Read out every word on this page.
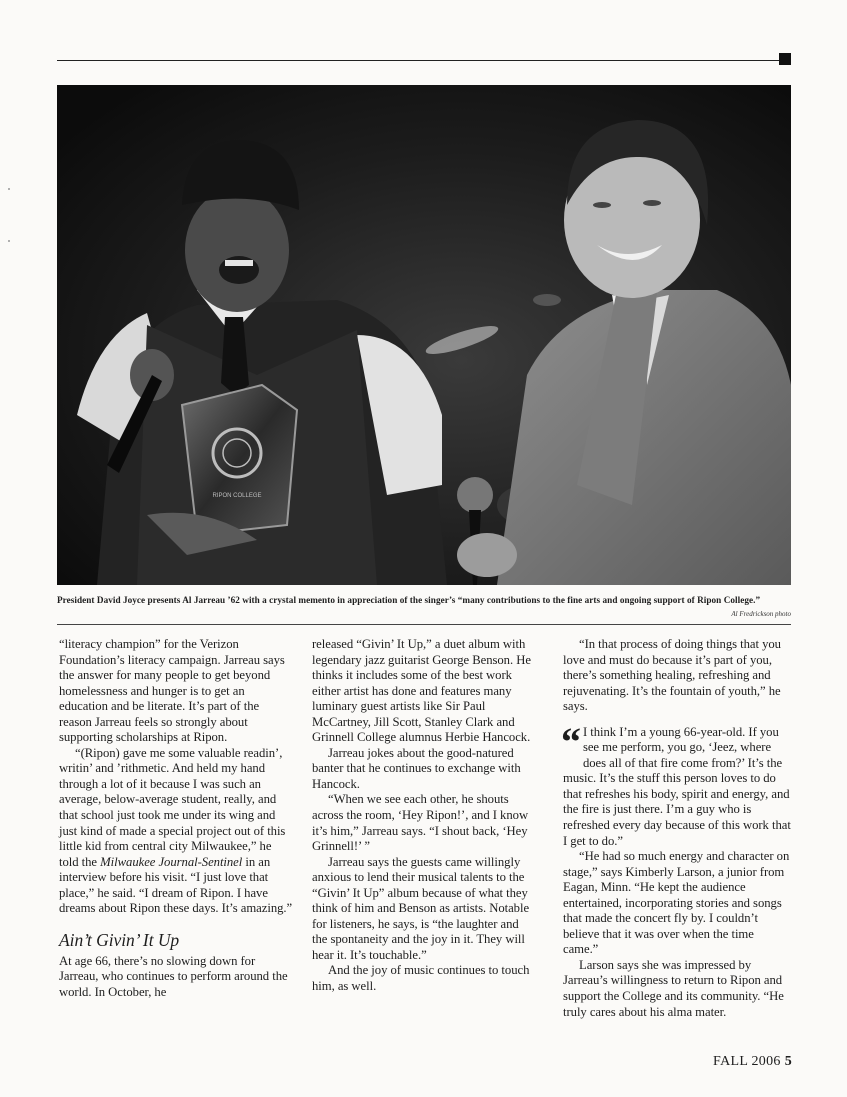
RIPON COLLEGE
President David Joyce presents Al Jarreau ’62 with a crystal memento in appreciation of the singer’s “many contributions to the fine arts and ongoing support of Ripon College.”
Al Fredrickson photo

“literacy champion” for the Verizon Foundation’s literacy campaign. Jarreau says the answer for many people to get beyond homelessness and hunger is to get an education and be literate. It’s part of the reason Jarreau feels so strongly about supporting scholarships at Ripon.

“(Ripon) gave me some valuable readin’, writin’ and ’rithmetic. And held my hand through a lot of it because I was such an average, below-average student, really, and that school just took me under its wing and just kind of made a special project out of this little kid from central city Milwaukee,” he told the Milwaukee Journal-Sentinel in an interview before his visit. “I just love that place,” he said. “I dream of Ripon. I have dreams about Ripon these days. It’s amazing.”

Ain’t Givin’ It Up

At age 66, there’s no slowing down for Jarreau, who continues to perform around the world. In October, he

released “Givin’ It Up,” a duet album with legendary jazz guitarist George Benson. He thinks it includes some of the best work either artist has done and features many luminary guest artists like Sir Paul McCartney, Jill Scott, Stanley Clark and Grinnell College alumnus Herbie Hancock.

Jarreau jokes about the good-natured banter that he continues to exchange with Hancock.

“When we see each other, he shouts across the room, ‘Hey Ripon!’, and I know it’s him,” Jarreau says. “I shout back, ‘Hey Grinnell!’ ”

Jarreau says the guests came willingly anxious to lend their musical talents to the “Givin’ It Up” album because of what they think of him and Benson as artists. Notable for listeners, he says, is “the laughter and the spontaneity and the joy in it. They will hear it. It’s touchable.”

And the joy of music continues to touch him, as well.

“In that process of doing things that you love and must do because it’s part of you, there’s something healing, refreshing and rejuvenating. It’s the fountain of youth,” he says.

“ I think I’m a young 66-year-old. If you see me perform, you go, ‘Jeez, where does all of that fire come from?’ It’s the music. It’s the stuff this person loves to do that refreshes his body, spirit and energy, and the fire is just there. I’m a guy who is refreshed every day because of this work that I get to do.”

“He had so much energy and character on stage,” says Kimberly Larson, a junior from Eagan, Minn. “He kept the audience entertained, incorporating stories and songs that made the concert fly by. I couldn’t believe that it was over when the time came.”

Larson says she was impressed by Jarreau’s willingness to return to Ripon and support the College and its community. “He truly cares about his alma mater.

FALL 2006 5
